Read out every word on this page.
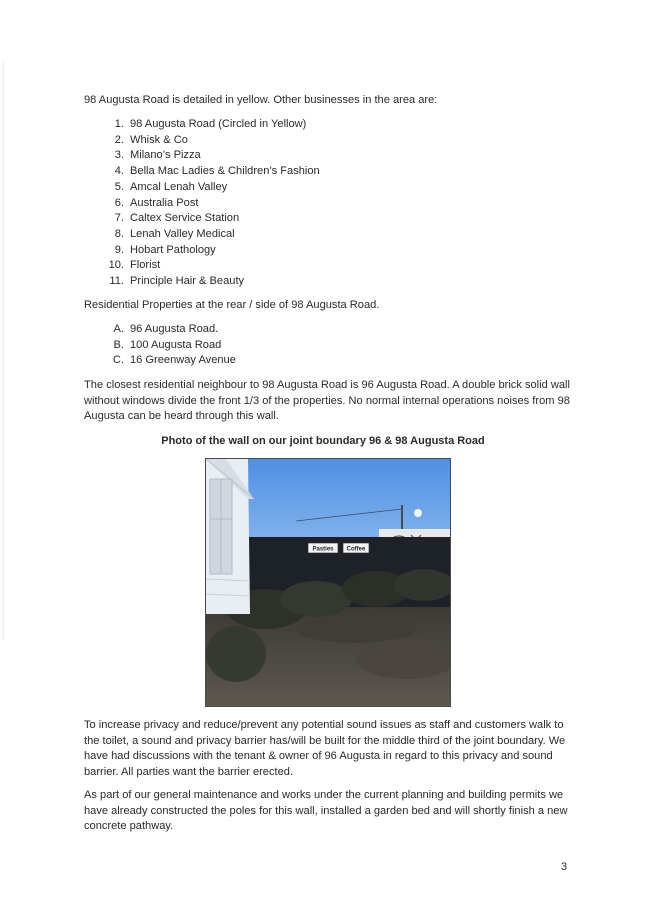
98 Augusta Road is detailed in yellow. Other businesses in the area are:

1. 98 Augusta Road (Circled in Yellow)
2. Whisk & Co
3. Milano’s Pizza
4. Bella Mac Ladies & Children’s Fashion
5. Amcal Lenah Valley
6. Australia Post
7. Caltex Service Station
8. Lenah Valley Medical
9. Hobart Pathology
10. Florist
11. Principle Hair & Beauty

Residential Properties at the rear / side of 98 Augusta Road.

A. 96 Augusta Road.
B. 100 Augusta Road
C. 16 Greenway Avenue

The closest residential neighbour to 98 Augusta Road is 96 Augusta Road. A double brick solid wall without windows divide the front 1/3 of the properties. No normal internal operations noises from 98 Augusta can be heard through this wall.

Photo of the wall on our joint boundary 96 & 98 Augusta Road

Pasties Coffee

To increase privacy and reduce/prevent any potential sound issues as staff and customers walk to the toilet, a sound and privacy barrier has/will be built for the middle third of the joint boundary. We have had discussions with the tenant & owner of 96 Augusta in regard to this privacy and sound barrier. All parties want the barrier erected.

As part of our general maintenance and works under the current planning and building permits we have already constructed the poles for this wall, installed a garden bed and will shortly finish a new concrete pathway.

3
